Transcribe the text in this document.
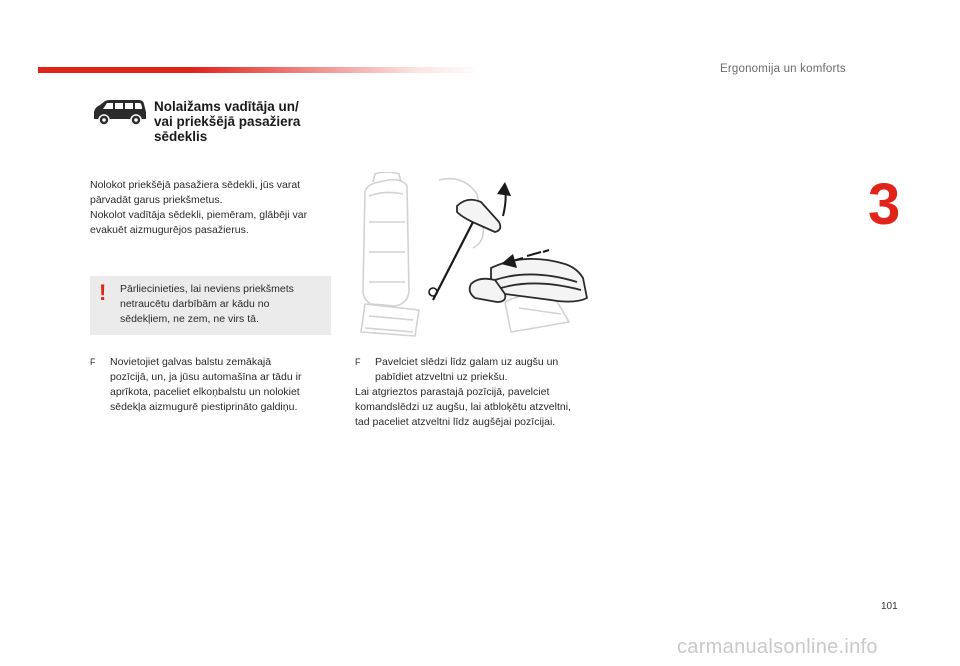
Ergonomija un komforts
3
Nolaižams vadītāja un/
vai priekšējā pasažiera
sēdeklis

Nolokot priekšējā pasažiera sēdekli, jūs varat

pārvadāt garus priekšmetus.

Nokolot vadītāja sēdekli, piemēram, glābēji var

evakuēt aizmugurējos pasažierus.

! Pārliecinieties, lai neviens priekšmets

netraucētu darbībām ar kādu no

sēdekļiem, ne zem, ne virs tā.

F Novietojiet galvas balstu zemākajā

pozīcijā, un, ja jūsu automašīna ar tādu ir

aprīkota, paceliet elkoņbalstu un nolokiet

sēdekļa aizmugurē piestiprināto galdiņu.

F Pavelciet slēdzi līdz galam uz augšu un

pabīdiet atzveltni uz priekšu.

Lai atgrieztos parastajā pozīcijā, pavelciet

komandslēdzi uz augšu, lai atbloķētu atzveltni,

tad paceliet atzveltni līdz augšējai pozīcijai.

101
carmanualsonline.info
